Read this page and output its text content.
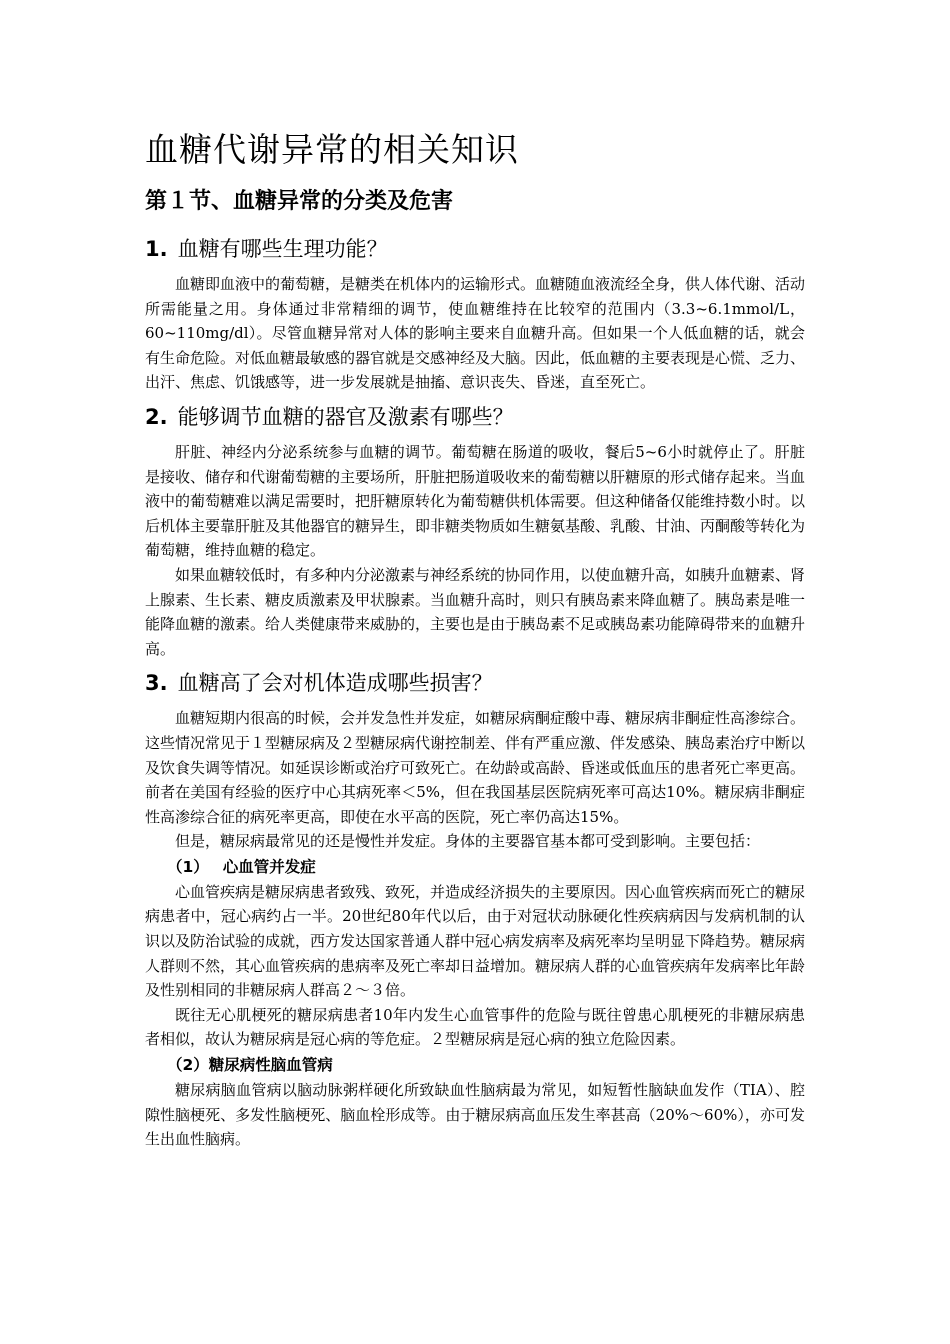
血糖代谢异常的相关知识
第１节、血糖异常的分类及危害
1. 血糖有哪些生理功能？

血糖即血液中的葡萄糖，是糖类在机体内的运输形式。血糖随血液流经全身，供人体代谢、活动所需能量之用。身体通过非常精细的调节，使血糖维持在比较窄的范围内（3.3~6.1mmol/L，60~110mg/dl）。尽管血糖异常对人体的影响主要来自血糖升高。但如果一个人低血糖的话，就会有生命危险。对低血糖最敏感的器官就是交感神经及大脑。因此，低血糖的主要表现是心慌、乏力、出汗、焦虑、饥饿感等，进一步发展就是抽搐、意识丧失、昏迷，直至死亡。

2. 能够调节血糖的器官及激素有哪些？

肝脏、神经内分泌系统参与血糖的调节。葡萄糖在肠道的吸收，餐后5~6小时就停止了。肝脏是接收、储存和代谢葡萄糖的主要场所，肝脏把肠道吸收来的葡萄糖以肝糖原的形式储存起来。当血液中的葡萄糖难以满足需要时，把肝糖原转化为葡萄糖供机体需要。但这种储备仅能维持数小时。以后机体主要靠肝脏及其他器官的糖异生，即非糖类物质如生糖氨基酸、乳酸、甘油、丙酮酸等转化为葡萄糖，维持血糖的稳定。

如果血糖较低时，有多种内分泌激素与神经系统的协同作用，以使血糖升高，如胰升血糖素、肾上腺素、生长素、糖皮质激素及甲状腺素。当血糖升高时，则只有胰岛素来降血糖了。胰岛素是唯一能降血糖的激素。给人类健康带来威胁的，主要也是由于胰岛素不足或胰岛素功能障碍带来的血糖升高。

3. 血糖高了会对机体造成哪些损害？

血糖短期内很高的时候，会并发急性并发症，如糖尿病酮症酸中毒、糖尿病非酮症性高渗综合。这些情况常见于１型糖尿病及２型糖尿病代谢控制差、伴有严重应激、伴发感染、胰岛素治疗中断以及饮食失调等情况。如延误诊断或治疗可致死亡。在幼龄或高龄、昏迷或低血压的患者死亡率更高。前者在美国有经验的医疗中心其病死率＜5%，但在我国基层医院病死率可高达10%。糖尿病非酮症性高渗综合征的病死率更高，即使在水平高的医院，死亡率仍高达15%。

但是，糖尿病最常见的还是慢性并发症。身体的主要器官基本都可受到影响。主要包括：

（1） 心血管并发症

心血管疾病是糖尿病患者致残、致死，并造成经济损失的主要原因。因心血管疾病而死亡的糖尿病患者中，冠心病约占一半。20世纪80年代以后，由于对冠状动脉硬化性疾病病因与发病机制的认识以及防治试验的成就，西方发达国家普通人群中冠心病发病率及病死率均呈明显下降趋势。糖尿病人群则不然，其心血管疾病的患病率及死亡率却日益增加。糖尿病人群的心血管疾病年发病率比年龄及性别相同的非糖尿病人群高２～３倍。

既往无心肌梗死的糖尿病患者10年内发生心血管事件的危险与既往曾患心肌梗死的非糖尿病患者相似，故认为糖尿病是冠心病的等危症。２型糖尿病是冠心病的独立危险因素。

（2）糖尿病性脑血管病

糖尿病脑血管病以脑动脉粥样硬化所致缺血性脑病最为常见，如短暂性脑缺血发作（TIA）、腔隙性脑梗死、多发性脑梗死、脑血栓形成等。由于糖尿病高血压发生率甚高（20%～60%），亦可发生出血性脑病。
